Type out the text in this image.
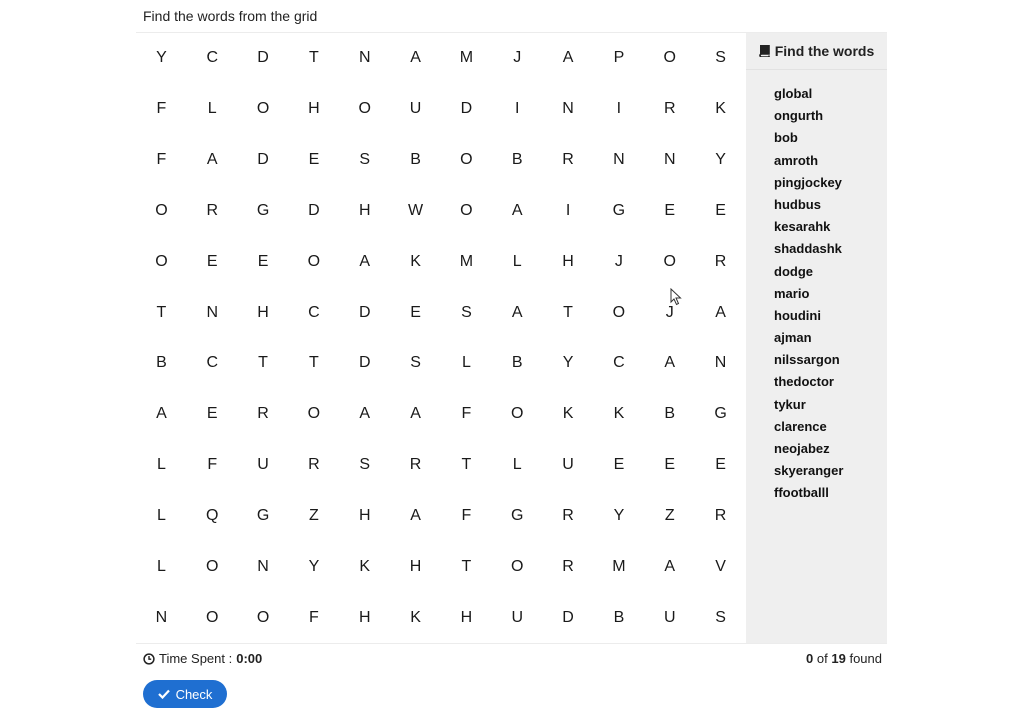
Find the words from the grid
Y	C	D	T	N	A	M	J	A	P	O	S
F	L	O	H	O	U	D	I	N	I	R	K
F	A	D	E	S	B	O	B	R	N	N	Y
O	R	G	D	H	W	O	A	I	G	E	E
O	E	E	O	A	K	M	L	H	J	O	R
T	N	H	C	D	E	S	A	T	O	J	A
B	C	T	T	D	S	L	B	Y	C	A	N
A	E	R	O	A	A	F	O	K	K	B	G
L	F	U	R	S	R	T	L	U	E	E	E
L	Q	G	Z	H	A	F	G	R	Y	Z	R
L	O	N	Y	K	H	T	O	R	M	A	V
N	O	O	F	H	K	H	U	D	B	U	S
Find the words
global
ongurth
bob
amroth
pingjockey
hudbus
kesarahk
shaddashk
dodge
mario
houdini
ajman
nilssargon
thedoctor
tykur
clarence
neojabez
skyeranger
ffootballl
Time Spent : 0:00	0 of 19 found
Check
